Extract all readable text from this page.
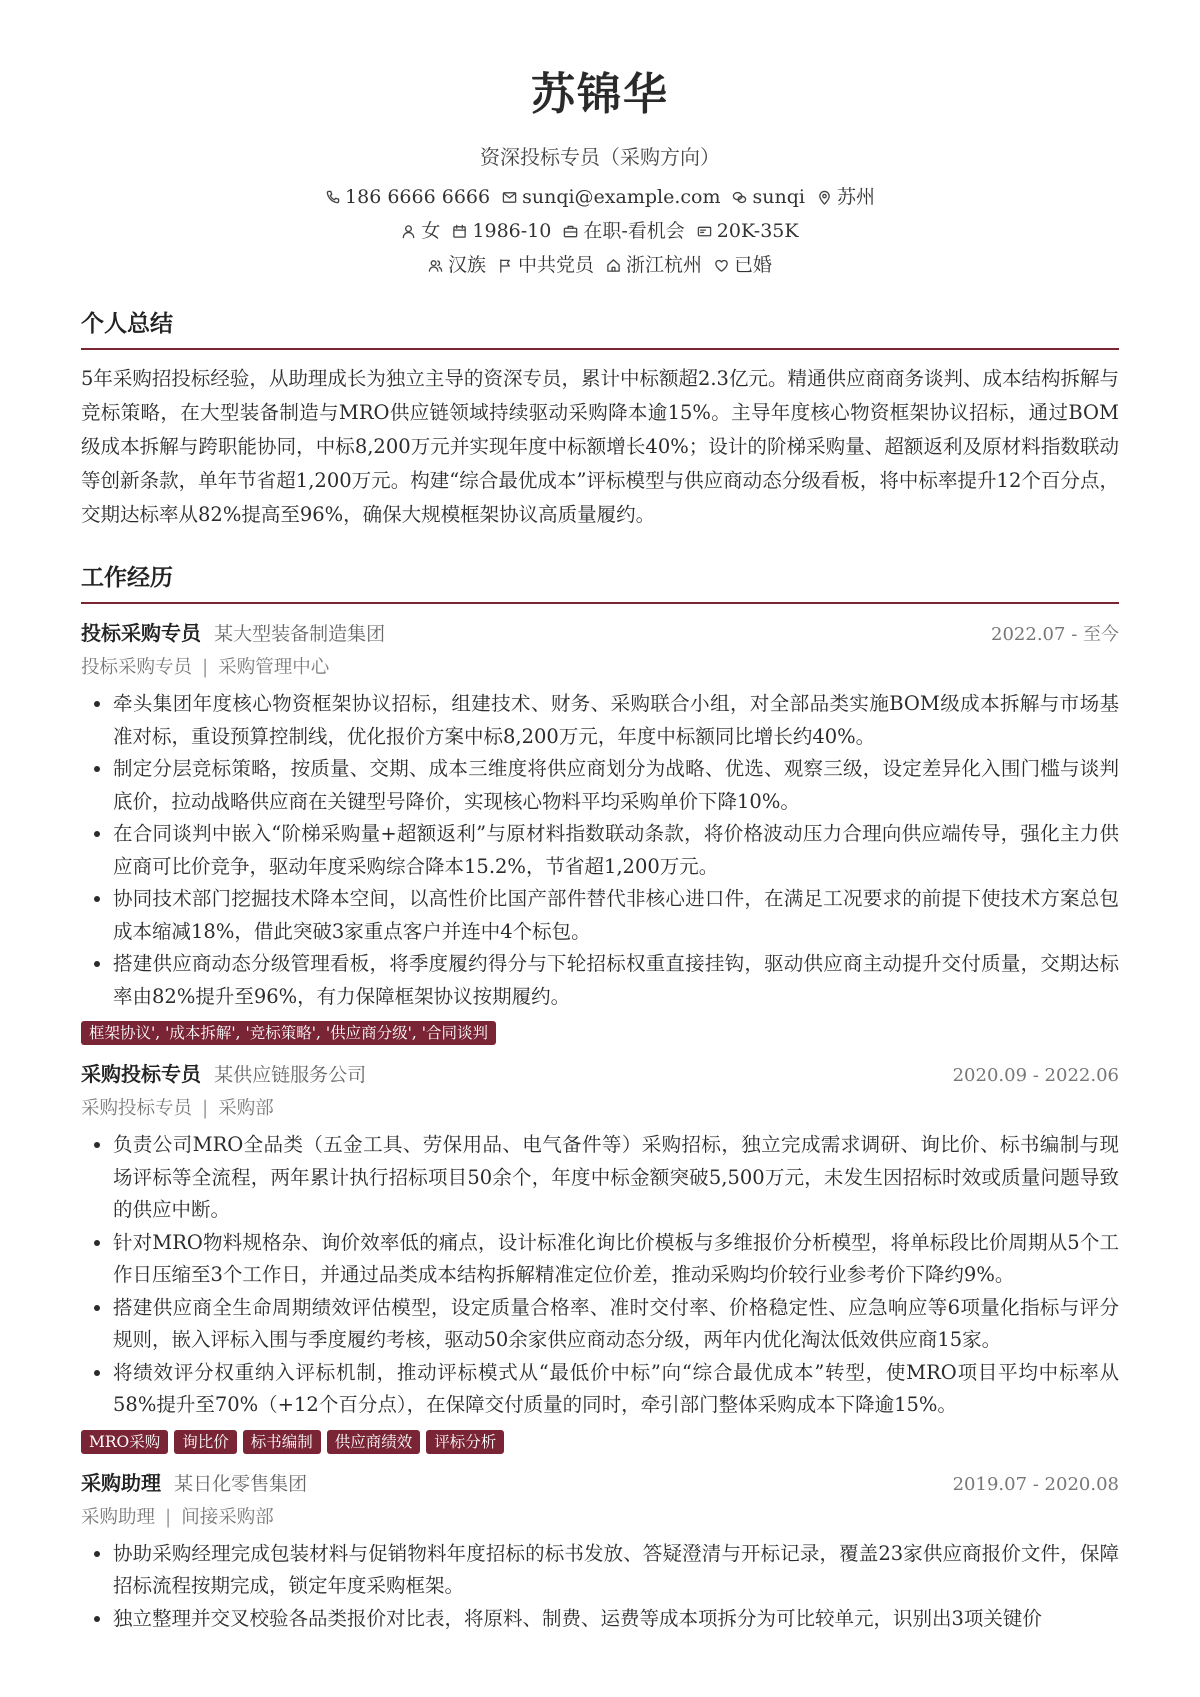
苏锦华
资深投标专员（采购方向）
186 6666 6666 sunqi@example.com sunqi 苏州
女 1986-10 在职-看机会 20K-35K
汉族 中共党员 浙江杭州 已婚
个人总结
5年采购招投标经验，从助理成长为独立主导的资深专员，累计中标额超2.3亿元。精通供应商商务谈判、成本结构拆解与竞标策略，在大型装备制造与MRO供应链领域持续驱动采购降本逾15%。主导年度核心物资框架协议招标，通过BOM级成本拆解与跨职能协同，中标8,200万元并实现年度中标额增长40%；设计的阶梯采购量、超额返利及原材料指数联动等创新条款，单年节省超1,200万元。构建“综合最优成本”评标模型与供应商动态分级看板，将中标率提升12个百分点，交期达标率从82%提高至96%，确保大规模框架协议高质量履约。
工作经历
投标采购专员 某大型装备制造集团	2022.07 - 至今
投标采购专员 | 采购管理中心
• 牵头集团年度核心物资框架协议招标，组建技术、财务、采购联合小组，对全部品类实施BOM级成本拆解与市场基准对标，重设预算控制线，优化报价方案中标8,200万元，年度中标额同比增长约40%。
• 制定分层竞标策略，按质量、交期、成本三维度将供应商划分为战略、优选、观察三级，设定差异化入围门槛与谈判底价，拉动战略供应商在关键型号降价，实现核心物料平均采购单价下降10%。
• 在合同谈判中嵌入“阶梯采购量+超额返利”与原材料指数联动条款，将价格波动压力合理向供应端传导，强化主力供应商可比价竞争，驱动年度采购综合降本15.2%，节省超1,200万元。
• 协同技术部门挖掘技术降本空间，以高性价比国产部件替代非核心进口件，在满足工况要求的前提下使技术方案总包成本缩减18%，借此突破3家重点客户并连中4个标包。
• 搭建供应商动态分级管理看板，将季度履约得分与下轮招标权重直接挂钩，驱动供应商主动提升交付质量，交期达标率由82%提升至96%，有力保障框架协议按期履约。
框架协议', '成本拆解', '竞标策略', '供应商分级', '合同谈判
采购投标专员 某供应链服务公司	2020.09 - 2022.06
采购投标专员 | 采购部
• 负责公司MRO全品类（五金工具、劳保用品、电气备件等）采购招标，独立完成需求调研、询比价、标书编制与现场评标等全流程，两年累计执行招标项目50余个，年度中标金额突破5,500万元，未发生因招标时效或质量问题导致的供应中断。
• 针对MRO物料规格杂、询价效率低的痛点，设计标准化询比价模板与多维报价分析模型，将单标段比价周期从5个工作日压缩至3个工作日，并通过品类成本结构拆解精准定位价差，推动采购均价较行业参考价下降约9%。
• 搭建供应商全生命周期绩效评估模型，设定质量合格率、准时交付率、价格稳定性、应急响应等6项量化指标与评分规则，嵌入评标入围与季度履约考核，驱动50余家供应商动态分级，两年内优化淘汰低效供应商15家。
• 将绩效评分权重纳入评标机制，推动评标模式从“最低价中标”向“综合最优成本”转型，使MRO项目平均中标率从58%提升至70%（+12个百分点），在保障交付质量的同时，牵引部门整体采购成本下降逾15%。
MRO采购	询比价	标书编制	供应商绩效	评标分析
采购助理 某日化零售集团	2019.07 - 2020.08
采购助理 | 间接采购部
• 协助采购经理完成包装材料与促销物料年度招标的标书发放、答疑澄清与开标记录，覆盖23家供应商报价文件，保障招标流程按期完成，锁定年度采购框架。
• 独立整理并交叉校验各品类报价对比表，将原料、制费、运费等成本项拆分为可比较单元，识别出3项关键价
